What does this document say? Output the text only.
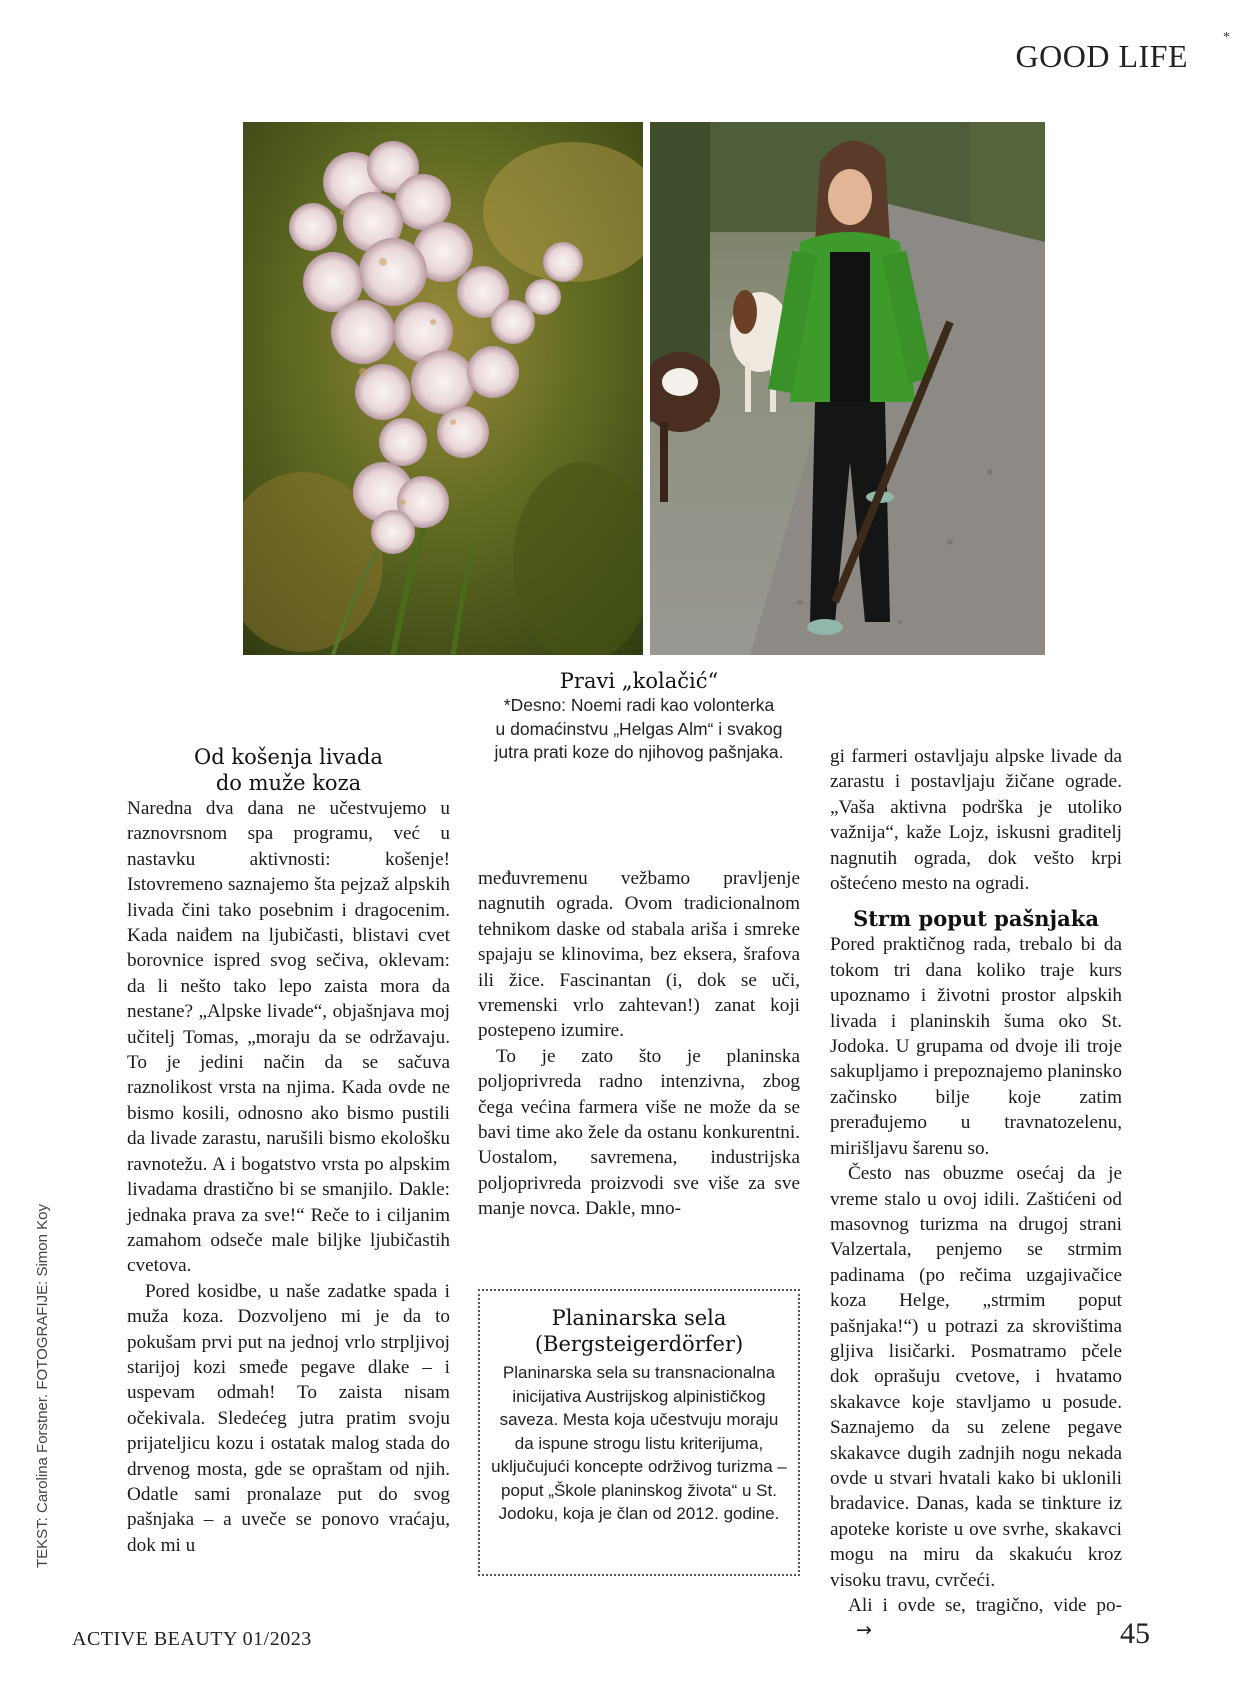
*
GOOD LIFE
TEKST: Carolina Forstner. FOTOGRAFIJE: Simon Koy
Pravi „kolačić“
*Desno: Noemi radi kao volonterka
u domaćinstvu „Helgas Alm“ i svakog
jutra prati koze do njihovog pašnjaka.
Od košenja livada
do muže koza

Naredna dva dana ne učestvujemo u raznovrsnom spa programu, već u nastavku aktivnosti: košenje! Istovremeno saznajemo šta pejzaž alpskih livada čini tako posebnim i dragocenim. Kada naiđem na ljubičasti, blistavi cvet borovnice ispred svog sečiva, oklevam: da li nešto tako lepo zaista mora da nestane? „Alpske livade“, objašnjava moj učitelj Tomas, „moraju da se održavaju. To je jedini način da se sačuva raznolikost vrsta na njima. Kada ovde ne bismo kosili, odnosno ako bismo pustili da livade zarastu, narušili bismo ekološku ravnotežu. A i bogatstvo vrsta po alpskim livadama drastično bi se smanjilo. Dakle: jednaka prava za sve!“ Reče to i ciljanim zamahom odseče male biljke ljubičastih cvetova.

Pored kosidbe, u naše zadatke spada i muža koza. Dozvoljeno mi je da to pokušam prvi put na jednoj vrlo strpljivoj starijoj kozi smeđe pegave dlake – i uspevam odmah! To zaista nisam očekivala. Sledećeg jutra pratim svoju prijateljicu kozu i ostatak malog stada do drvenog mosta, gde se opraštam od njih. Odatle sami pronalaze put do svog pašnjaka – a uveče se ponovo vraćaju, dok mi u

međuvremenu vežbamo pravljenje nagnutih ograda. Ovom tradicionalnom tehnikom daske od stabala ariša i smreke spajaju se klinovima, bez eksera, šrafova ili žice. Fascinantan (i, dok se uči, vremenski vrlo zahtevan!) zanat koji postepeno izumire.

To je zato što je planinska poljoprivreda radno intenzivna, zbog čega većina farmera više ne može da se bavi time ako žele da ostanu konkurentni. Uostalom, savremena, industrijska poljoprivreda proizvodi sve više za sve manje novca. Dakle, mno-

Planinarska sela
(Bergsteigerdörfer)
Planinarska sela su transnacionalna inicijativa Austrijskog alpinističkog saveza. Mesta koja učestvuju moraju da ispune strogu listu kriterijuma, uključujući koncepte održivog turizma – poput „Škole planinskog života“ u St. Jodoku, koja je član od 2012. godine.

gi farmeri ostavljaju alpske livade da zarastu i postavljaju žičane ograde. „Vaša aktivna podrška je utoliko važnija“, kaže Lojz, iskusni graditelj nagnutih ograda, dok vešto krpi oštećeno mesto na ogradi.

Strm poput pašnjaka

Pored praktičnog rada, trebalo bi da tokom tri dana koliko traje kurs upoznamo i životni prostor alpskih livada i planinskih šuma oko St. Jodoka. U grupama od dvoje ili troje sakupljamo i prepoznajemo planinsko začinsko bilje koje zatim prerađujemo u travnatozelenu, mirišljavu šarenu so.

Često nas obuzme osećaj da je vreme stalo u ovoj idili. Zaštićeni od masovnog turizma na drugoj strani Valzertala, penjemo se strmim padinama (po rečima uzgajivačice koza Helge, „strmim poput pašnjaka!“) u potrazi za skrovištima gljiva lisičarki. Posmatramo pčele dok oprašuju cvetove, i hvatamo skakavce koje stavljamo u posude. Saznajemo da su zelene pegave skakavce dugih zadnjih nogu nekada ovde u stvari hvatali kako bi uklonili bradavice. Danas, kada se tinkture iz apoteke koriste u ove svrhe, skakavci mogu na miru da skakuću kroz visoku travu, cvrčeći.

Ali i ovde se, tragično, vide po-→

ACTIVE BEAUTY 01/2023	45
